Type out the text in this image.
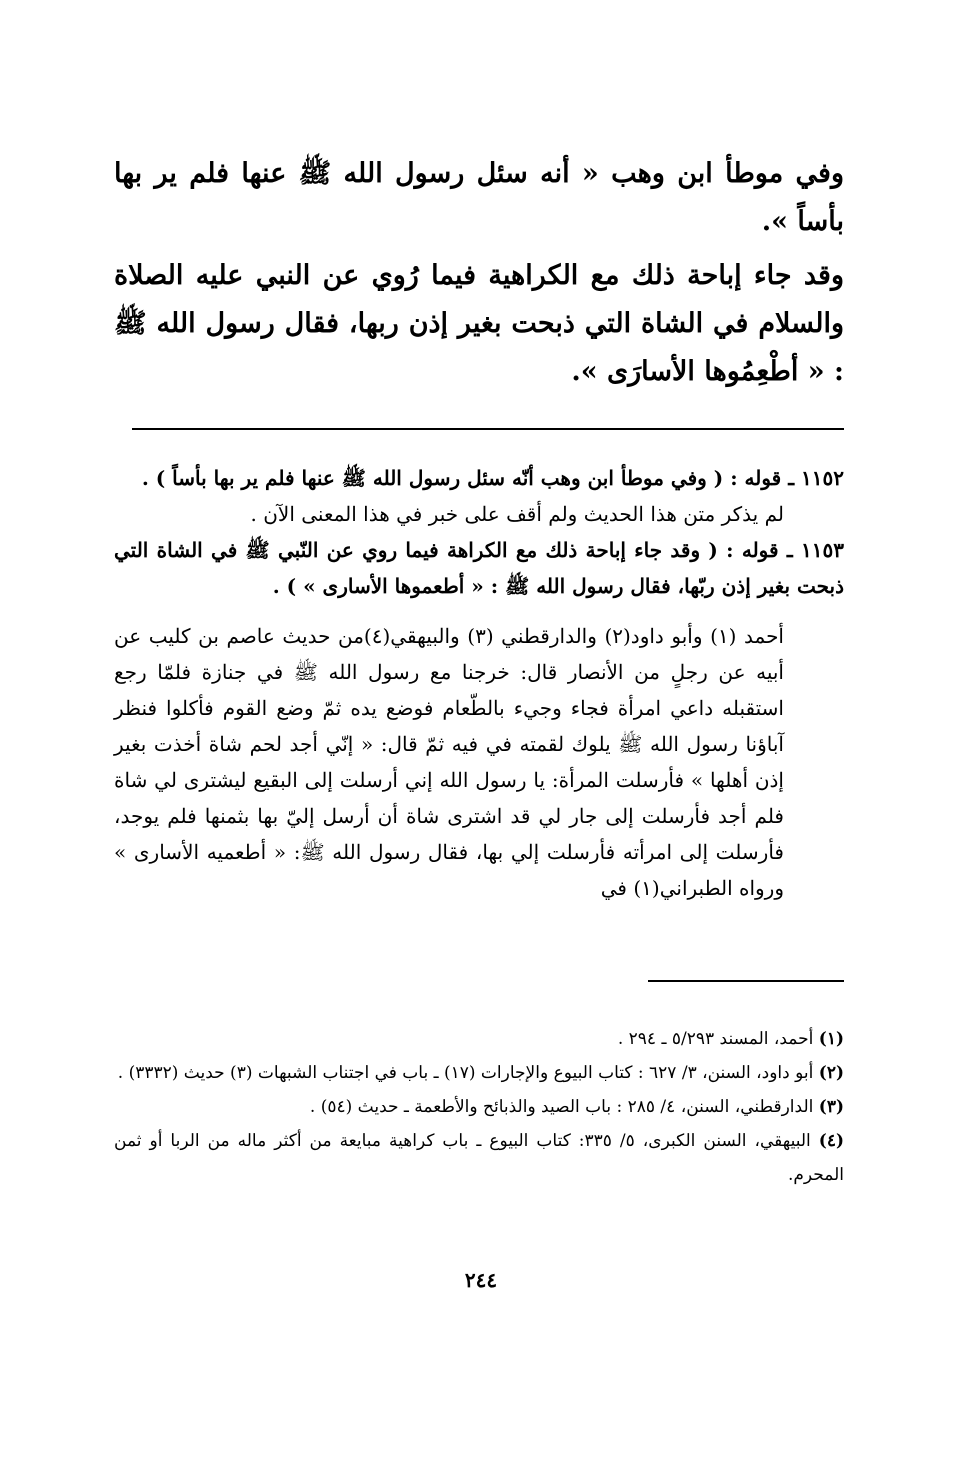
وفي موطأ ابن وهب « أنه سئل رسول الله ﷺ عنها فلم ير بها بأساً ».

وقد جاء إباحة ذلك مع الكراهية فيما رُوي عن النبي عليه الصلاة والسلام في الشاة التي ذبحت بغير إذن ربها، فقال رسول الله ﷺ : « أطْعِمُوها الأسارَى ».

١١٥٢ ـ قوله : ( وفي موطأ ابن وهب أنّه سئل رسول الله ﷺ عنها فلم ير بها بأساً ) .

لم يذكر متن هذا الحديث ولم أقف على خبر في هذا المعنى الآن .

١١٥٣ ـ قوله : ( وقد جاء إباحة ذلك مع الكراهة فيما روي عن النّبي ﷺ في الشاة التي ذبحت بغير إذن ربّها، فقال رسول الله ﷺ : « أطعموها الأسارى » ) .

أحمد (١) وأبو داود(٢) والدارقطني (٣) والبيهقي(٤)من حديث عاصم بن كليب عن أبيه عن رجلٍ من الأنصار قال: خرجنا مع رسول الله ﷺ في جنازة فلمّا رجع استقبله داعي امرأة فجاء وجيء بالطّعام فوضع يده ثمّ وضع القوم فأكلوا فنظر آباؤنا رسول الله ﷺ يلوك لقمته في فيه ثمّ قال: « إنّي أجد لحم شاة أخذت بغير إذن أهلها » فأرسلت المرأة: يا رسول الله إني أرسلت إلى البقيع ليشترى لي شاة فلم أجد فأرسلت إلى جار لي قد اشترى شاة أن أرسل إليّ بها بثمنها فلم يوجد، فأرسلت إلى امرأته فأرسلت إلي بها، فقال رسول الله ﷺ: « أطعميه الأسارى » ورواه الطبراني(١) في

(١) أحمد، المسند ٥/٢٩٣ ـ ٢٩٤ .

(٢) أبو داود، السنن، ٣/ ٦٢٧ : كتاب البيوع والإجارات (١٧) ـ باب في اجتناب الشبهات (٣) حديث (٣٣٣٢) .

(٣) الدارقطني، السنن، ٤/ ٢٨٥ : باب الصيد والذبائح والأطعمة ـ حديث (٥٤) .

(٤) البيهقي، السنن الكبرى، ٥/ ٣٣٥: كتاب البيوع ـ باب كراهية مبايعة من أكثر ماله من الربا أو ثمن المحرم.

٢٤٤
